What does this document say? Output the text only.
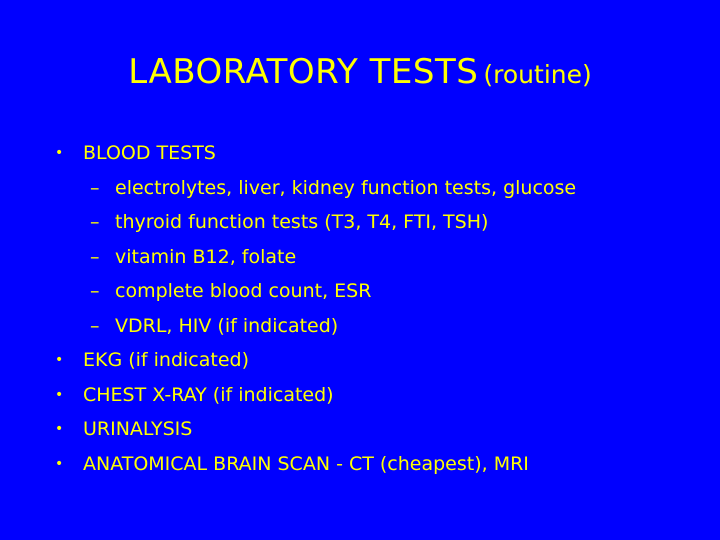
LABORATORY TESTS (routine)
• BLOOD TESTS
– electrolytes, liver, kidney function tests, glucose
– thyroid function tests (T3, T4, FTI, TSH)
– vitamin B12, folate
– complete blood count, ESR
– VDRL, HIV (if indicated)
• EKG (if indicated)
• CHEST X-RAY (if indicated)
• URINALYSIS
• ANATOMICAL BRAIN SCAN - CT (cheapest), MRI
